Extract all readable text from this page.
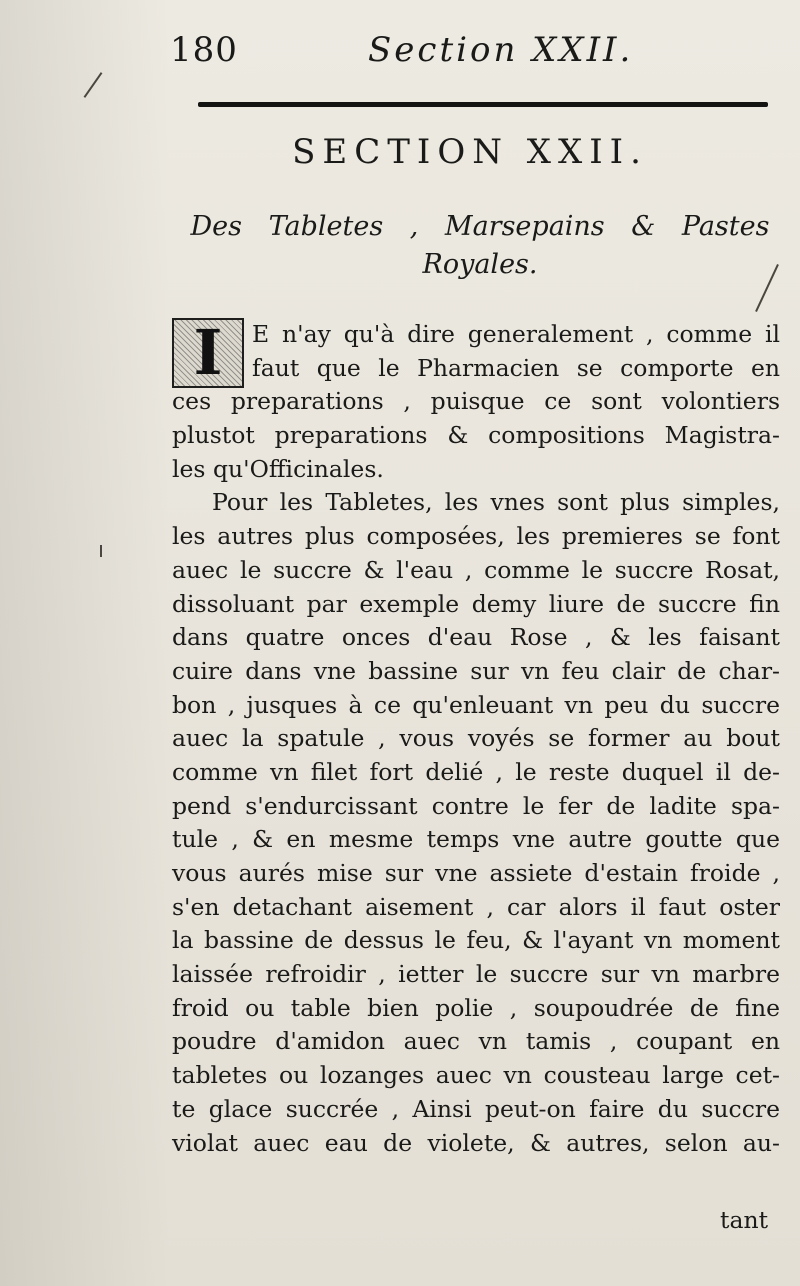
180	Section XXII.
SECTION XXII.
Des Tabletes , Marsepains & Pastes
Royales.
I	E n'ay qu'à dire generalement , comme il
faut que le Pharmacien se comporte en
ces preparations , puisque ce sont volontiers
plustot preparations & compositions Magistra-
les qu'Officinales.
Pour les Tabletes, les vnes sont plus simples,
les autres plus composées, les premieres se font
auec le succre & l'eau , comme le succre Rosat,
dissoluant par exemple demy liure de succre fin
dans quatre onces d'eau Rose , & les faisant
cuire dans vne bassine sur vn feu clair de char-
bon , jusques à ce qu'enleuant vn peu du succre
auec la spatule , vous voyés se former au bout
comme vn filet fort delié , le reste duquel il de-
pend s'endurcissant contre le fer de ladite spa-
tule , & en mesme temps vne autre goutte que
vous aurés mise sur vne assiete d'estain froide ,
s'en detachant aisement , car alors il faut oster
la bassine de dessus le feu, & l'ayant vn moment
laissée refroidir , ietter le succre sur vn marbre
froid ou table bien polie , soupoudrée de fine
poudre d'amidon auec vn tamis , coupant en
tabletes ou lozanges auec vn cousteau large cet-
te glace succrée , Ainsi peut-on faire du succre
violat auec eau de violete, & autres, selon au-
tant
